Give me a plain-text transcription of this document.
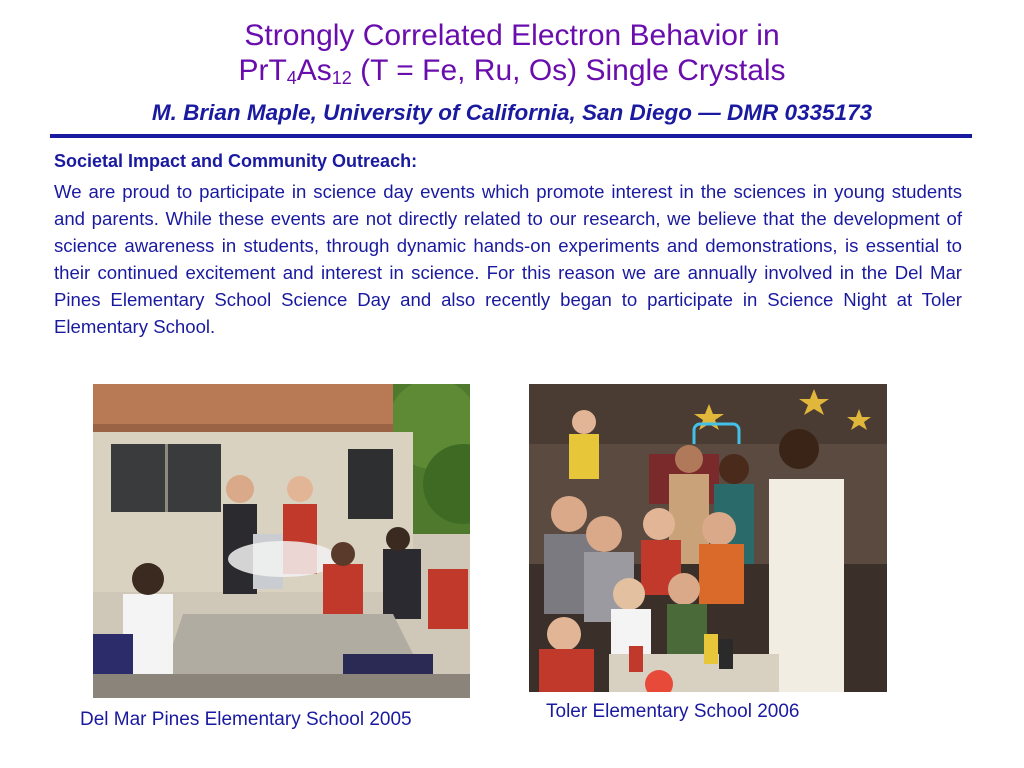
Strongly Correlated Electron Behavior in
$PrT_4As_{12}$ (T = Fe, Ru, Os) Single Crystals
M. Brian Maple, University of California, San Diego — DMR 0335173
Societal Impact and Community Outreach:
We are proud to participate in science day events which promote interest in the sciences in young students and parents. While these events are not directly related to our research, we believe that the development of science awareness in students, through dynamic hands-on experiments and demonstrations, is essential to their continued excitement and interest in science. For this reason we are annually involved in the Del Mar Pines Elementary School Science Day and also recently began to participate in Science Night at Toler Elementary School.
Del Mar Pines Elementary School 2005	Toler Elementary School 2006
